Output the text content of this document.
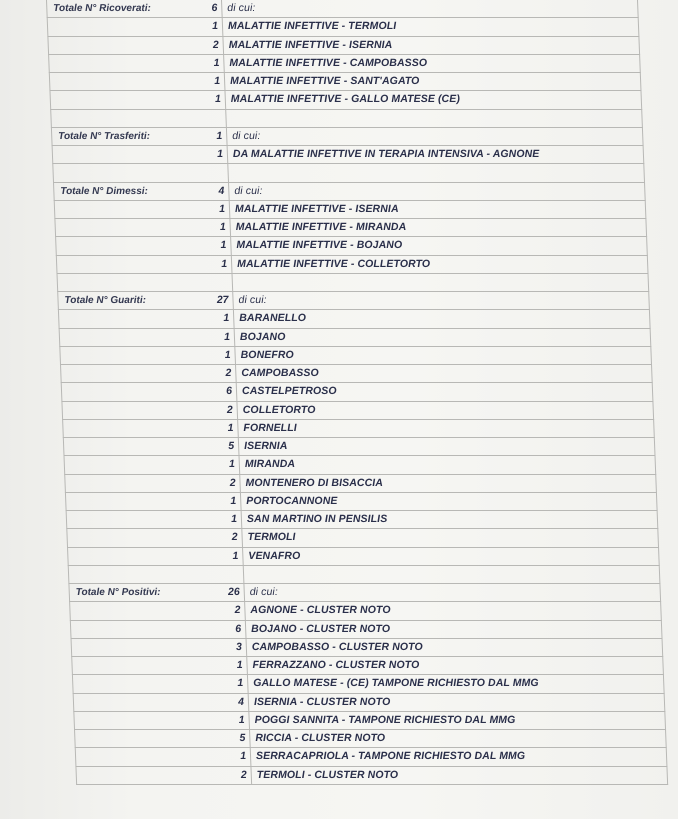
Totale N° Ricoverati:	6 di cui:
1 MALATTIE INFETTIVE - TERMOLI
2 MALATTIE INFETTIVE - ISERNIA
1 MALATTIE INFETTIVE - CAMPOBASSO
1 MALATTIE INFETTIVE - SANT'AGATO
1 MALATTIE INFETTIVE - GALLO MATESE (CE)
Totale N° Trasferiti:	1 di cui:
1 DA MALATTIE INFETTIVE IN TERAPIA INTENSIVA - AGNONE
Totale N° Dimessi:	4 di cui:
1 MALATTIE INFETTIVE - ISERNIA
1 MALATTIE INFETTIVE - MIRANDA
1 MALATTIE INFETTIVE - BOJANO
1 MALATTIE INFETTIVE - COLLETORTO
Totale N° Guariti:	27 di cui:
1 BARANELLO
1 BOJANO
1 BONEFRO
2 CAMPOBASSO
6 CASTELPETROSO
2 COLLETORTO
1 FORNELLI
5 ISERNIA
1 MIRANDA
2 MONTENERO DI BISACCIA
1 PORTOCANNONE
1 SAN MARTINO IN PENSILIS
2 TERMOLI
1 VENAFRO
Totale N° Positivi:	26 di cui:
2 AGNONE - CLUSTER NOTO
6 BOJANO - CLUSTER NOTO
3 CAMPOBASSO - CLUSTER NOTO
1 FERRAZZANO - CLUSTER NOTO
1 GALLO MATESE - (CE) TAMPONE RICHIESTO DAL MMG
4 ISERNIA - CLUSTER NOTO
1 POGGI SANNITA - TAMPONE RICHIESTO DAL MMG
5 RICCIA - CLUSTER NOTO
1 SERRACAPRIOLA - TAMPONE RICHIESTO DAL MMG
2 TERMOLI - CLUSTER NOTO
